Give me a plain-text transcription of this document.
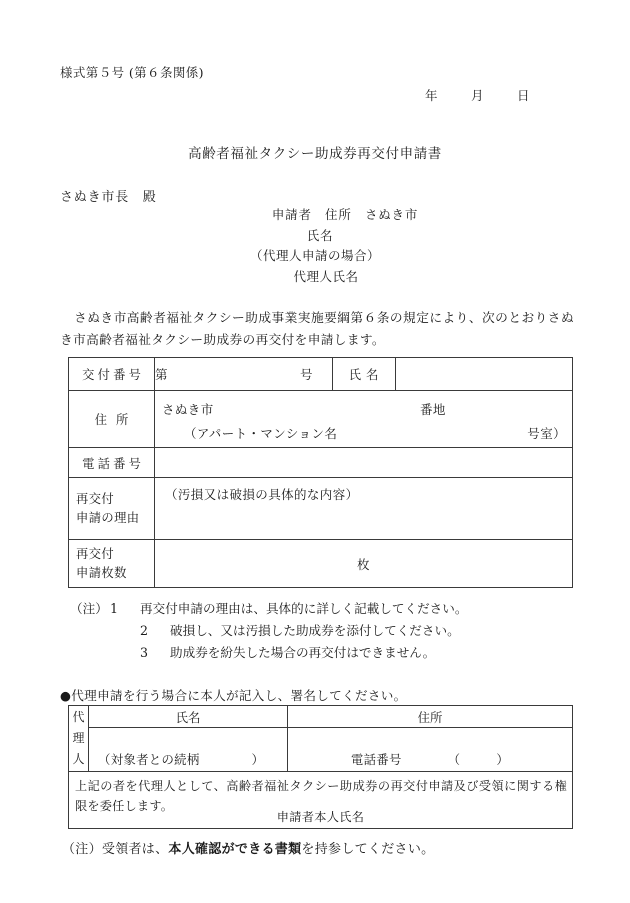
様式第５号 (第６条関係)
年	月	日
高齢者福祉タクシー助成券再交付申請書
さぬき市長　殿
申請者　住所　さぬき市
氏名
（代理人申請の場合）
代理人氏名
さぬき市高齢者福祉タクシー助成事業実施要綱第６条の規定により、次のとおりさぬき市高齢者福祉タクシー助成券の再交付を申請します。
交付番号	第 号	氏名	

住所	さぬき市 番地
（アパート・マンション名 号室）		

電話番号			

再交付
申請の理由	（汚損又は破損の具体的な内容）		

再交付
申請枚数	枚		
（注） 1 再交付申請の理由は、具体的に詳しく記載してください。
2 破損し、又は汚損した助成券を添付してください。
3 助成券を紛失した場合の再交付はできません。
●代理申請を行う場合に本人が記入し、署名してください。
代
理
人	氏名	住所

	（対象者との続柄 ）	電話番号 （ ）

上記の者を代理人として、高齢者福祉タクシー助成券の再交付申請及び受領に関する権限を委任します。
申請者本人氏名		
（注）受領者は、本人確認ができる書類を持参してください。
